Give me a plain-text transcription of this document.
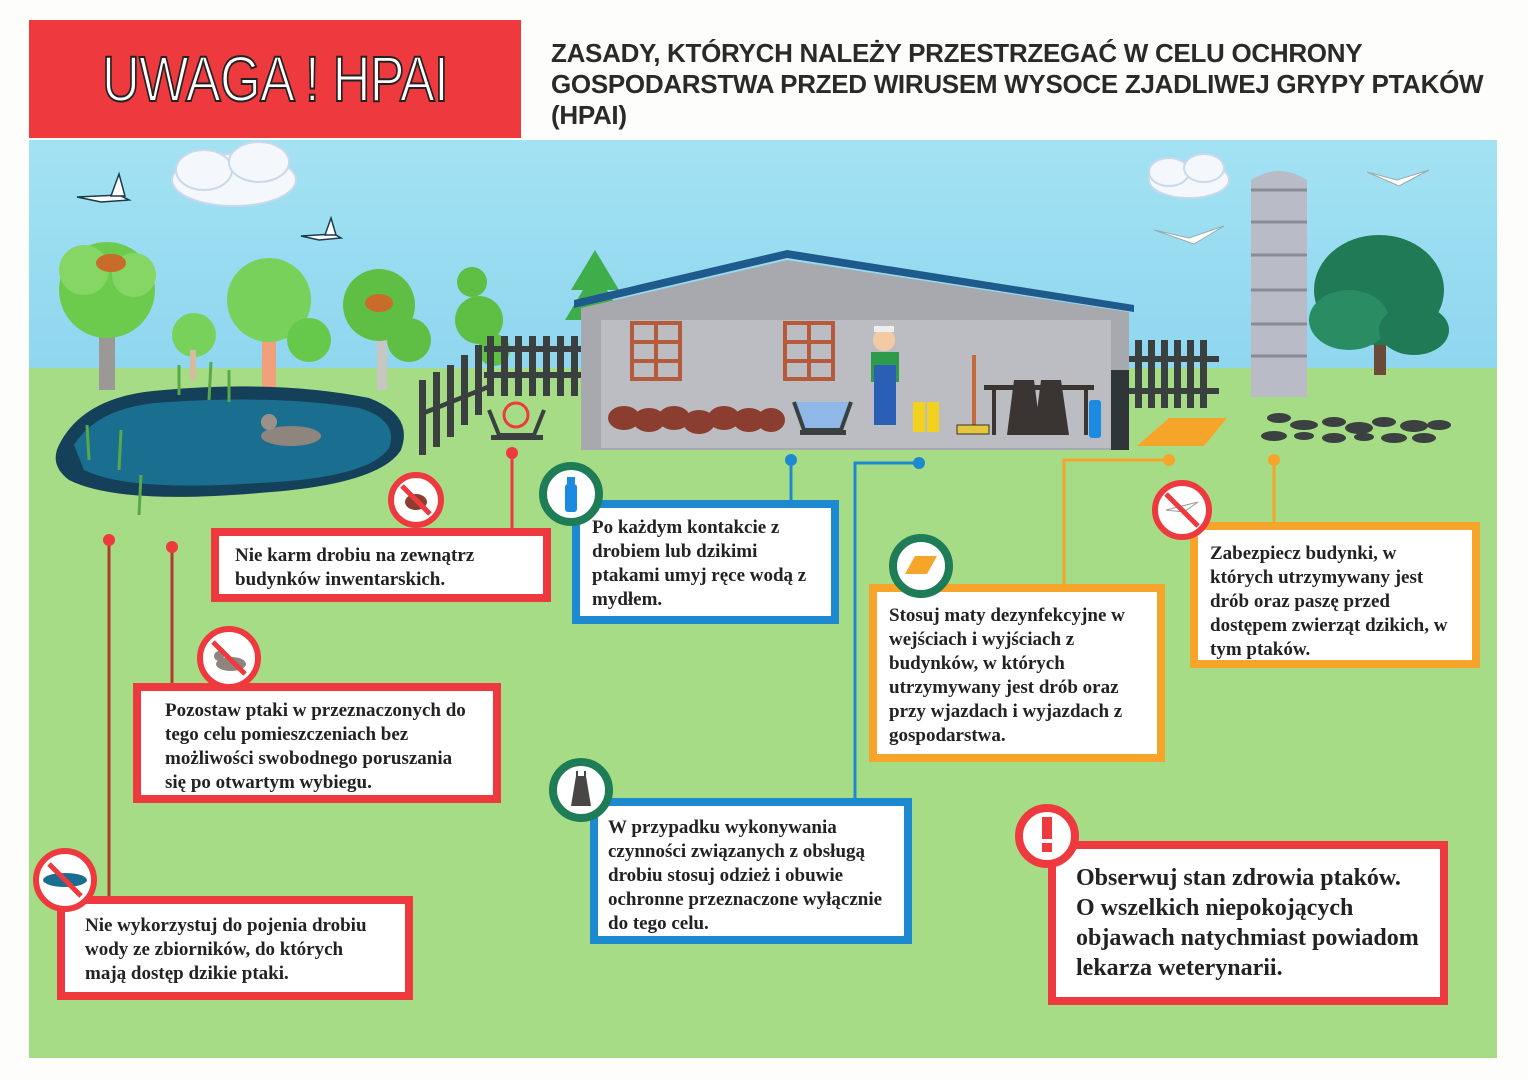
UWAGA ! HPAI	ZASADY, KTÓRYCH NALEŻY PRZESTRZEGAĆ W CELU OCHRONY GOSPODARSTWA PRZED WIRUSEM WYSOCE ZJADLIWEJ GRYPY PTAKÓW (HPAI)
Nie karm drobiu na zewnątrz budynków inwentarskich.
Po każdym kontakcie z drobiem lub dzikimi ptakami umyj ręce wodą z mydłem.
Stosuj maty dezynfekcyjne w wejściach i wyjściach z budynków, w których utrzymywany jest drób oraz przy wjazdach i wyjazdach z gospodarstwa.
Zabezpiecz budynki, w których utrzymywany jest drób oraz paszę przed dostępem zwierząt dzikich, w tym ptaków.
Pozostaw ptaki w przeznaczonych do tego celu pomieszczeniach bez możliwości swobodnego poruszania się po otwartym wybiegu.
W przypadku wykonywania czynności związanych z obsługą drobiu stosuj odzież i obuwie ochronne przeznaczone wyłącznie do tego celu.
Nie wykorzystuj do pojenia drobiu wody ze zbiorników, do których mają dostęp dzikie ptaki.
Obserwuj stan zdrowia ptaków. O wszelkich niepokojących objawach natychmiast powiadom lekarza weterynarii.
